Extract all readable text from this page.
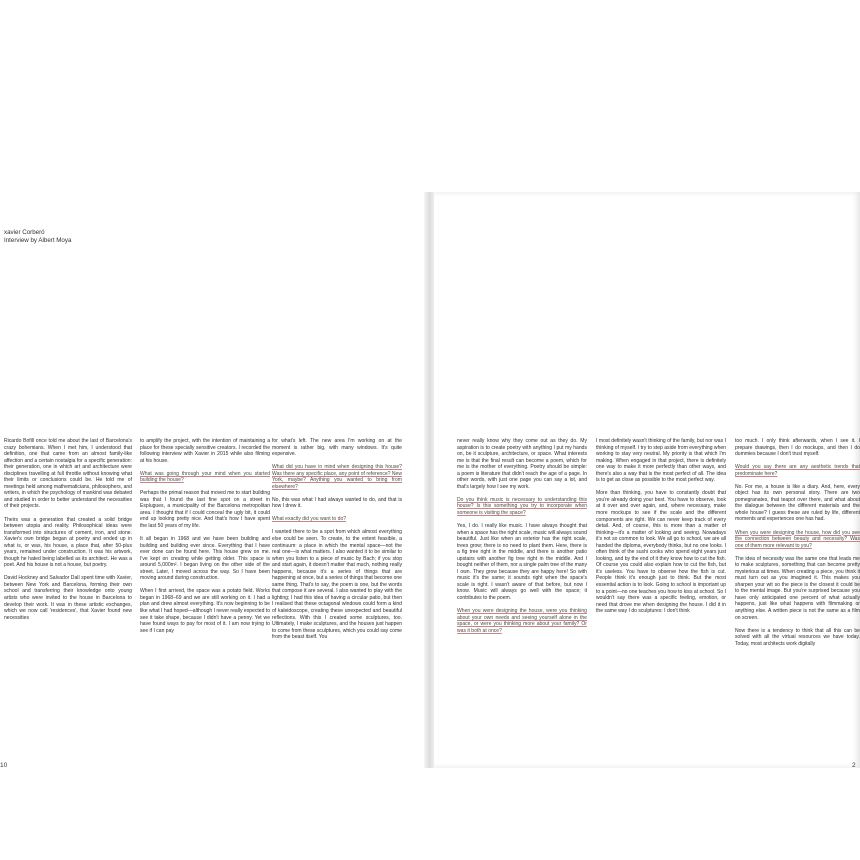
xavier Corberó
Interview by Albert Moya

Ricardo Bofill once told me about the last of Barcelona's crazy bohemians. When I met him, I understood that definition, one that came from an almost family-like affection and a certain nostalgia for a specific generation: their generation, one in which art and architecture were disciplines travelling at full throttle without knowing what their limits or conclusions could be. He told me of meetings held among mathematicians, philosophers, and writers, in which the psychology of mankind was debated and studied in order to better understand the necessities of their projects.

Theirs was a generation that created a solid bridge between utopia and reality. Philosophical ideas were transformed into structures of cement, iron, and stone. Xavier's own bridge began at poetry and ended up in what is, or was, his house, a place that, after 50-plus years, remained under construction. It was his artwork, though he hated being labelled as its architect. He was a poet. And his house is not a house, but poetry.

David Hockney and Salvador Dalí spent time with Xavier, between New York and Barcelona, forming their own school and transferring their knowledge onto young artists who were invited to the house in Barcelona to develop their work. It was in these artistic exchanges, which we now call 'residences', that Xavier found new necessities

to amplify the project, with the intention of maintaining a place for these specially sensitive creators. I recorded the following interview with Xavier in 2015 while also filming at his house.

What was going through your mind when you started building the house?

Perhaps the primal reason that moved me to start building was that I found the last fine spot on a street in Esplugues, a municipality of the Barcelona metropolitan area. I thought that if I could conceal the ugly bit, it could end up looking pretty nice. And that's how I have spent the last 50 years of my life.

It all began in 1968 and we have been building and building and building ever since. Everything that I have ever done can be found here. This house grew on me. I've kept on creating while getting older. This space is around 5,000m². I began living on the other side of the street. Later, I moved across the way. So I have been moving around during construction.

When I first arrived, the space was a potato field. Works began in 1968–69 and we are still working on it. I had a plan and drew almost everything. It's now beginning to be like what I had hoped—although I never really expected to see it take shape, because I didn't have a penny. Yet we have found ways to pay for most of it. I am now trying to see if I can pay

for what's left. The new area I'm working on at the moment is rather big, with many windows. It's quite expensive.

What did you have in mind when designing this house? Was there any specific place, any point of reference? New York, maybe? Anything you wanted to bring from elsewhere?

No, this was what I had always wanted to do, and that is how I drew it.

What exactly did you want to do?

I wanted there to be a spot from which almost everything else could be seen. To create, to the extent feasible, a continuum: a place in which the mental space—not the real one—is what matters. I also wanted it to be similar to when you listen to a piece of music by Bach; if you stop and start again, it doesn't matter that much, nothing really happens, because it's a series of things that are happening at once, but a series of things that become one same thing. That's to say, the poem is one, but the words that compose it are several. I also wanted to play with the lighting; I had this idea of having a circular patio, but then I realised that these octagonal windows could form a kind of kaleidoscope, creating these unexpected and beautiful reflections. With this I created some sculptures, too. Ultimately, I make sculptures, and the houses just happen to come from these sculptures, which you could say come from the beast itself. You

never really know why they come out as they do. My aspiration is to create poetry with anything I put my hands on, be it sculpture, architecture, or space. What interests me is that the final result can become a poem, which for me is the mother of everything. Poetry should be simple: a poem is literature that didn't reach the age of a page. In other words, with just one page you can say a lot, and that's largely how I see my work.

Do you think music is necessary to understanding this house? Is this something you try to incorporate when someone is visiting the space?

Yes, I do. I really like music. I have always thought that when a space has the right scale, music will always sound beautiful. Just like when an exterior has the right scale, trees grow; there is no need to plant them. Here, there is a fig tree right in the middle, and there is another patio upstairs with another fig tree right in the middle. And I bought neither of them, nor a single palm tree of the many I own. They grow because they are happy here! So with music it's the same; it sounds right when the space's scale is right. I wasn't aware of that before, but now I know. Music will always go well with the space; it contributes to the poem.

When you were designing the house, were you thinking about your own needs and seeing yourself alone in the space, or were you thinking more about your family? Or was it both at once?

I most definitely wasn't thinking of the family, but nor was I thinking of myself. I try to step aside from everything when working to stay very neutral. My priority is that which I'm making. When engaged in that project, there is definitely one way to make it more perfectly than other ways, and there's also a way that is the most perfect of all. The idea is to get as close as possible to the most perfect way.

More than thinking, you have to constantly doubt that you're already doing your best. You have to observe, look at it over and over again, and, where necessary, make more mockups to see if the scale and the different components are right. We can never keep track of every detail. And, of course, this is more than a matter of thinking—it's a matter of looking and seeing. Nowadays it's not so common to look. We all go to school, we are all handed the diploma, everybody thinks, but no one looks. I often think of the sushi cooks who spend eight years just looking, and by the end of it they know how to cut the fish. Of course you could also explain how to cut the fish, but it's useless. You have to observe how the fish is cut. People think it's enough just to think. But the most essential action is to look. Going to school is important up to a point—no one teaches you how to kiss at school. So I wouldn't say there was a specific feeling, emotion, or need that drove me when designing the house. I did it in the same way I do sculptures: I don't think

too much. I only think afterwards, when I see it. I prepare drawings, then I do mockups, and then I do dummies because I don't trust myself.

Would you say there are any aesthetic trends that predominate here?

No. For me, a house is like a diary. And, here, every object has its own personal story. There are two pomegranates, that teapot over there, and what about the dialogue between the different materials and the whole house? I guess these are ruled by life, different moments and experiences one has had.

When you were designing the house, how did you see the connection between beauty and necessity? Was one of them more relevant to you?

The idea of necessity was the same one that leads me to make sculptures, something that can become pretty mysterious at times. When creating a piece, you think it must turn out as you imagined it. This makes you sharpen your wit so the piece is the closest it could be to the mental image. But you're surprised because you have only anticipated one percent of what actually happens, just like what happens with filmmaking or anything else. A written piece is not the same as a film on screen.

Now there is a tendency to think that all this can be solved with all the virtual resources we have today. Today, most architects work digitally

10	2
